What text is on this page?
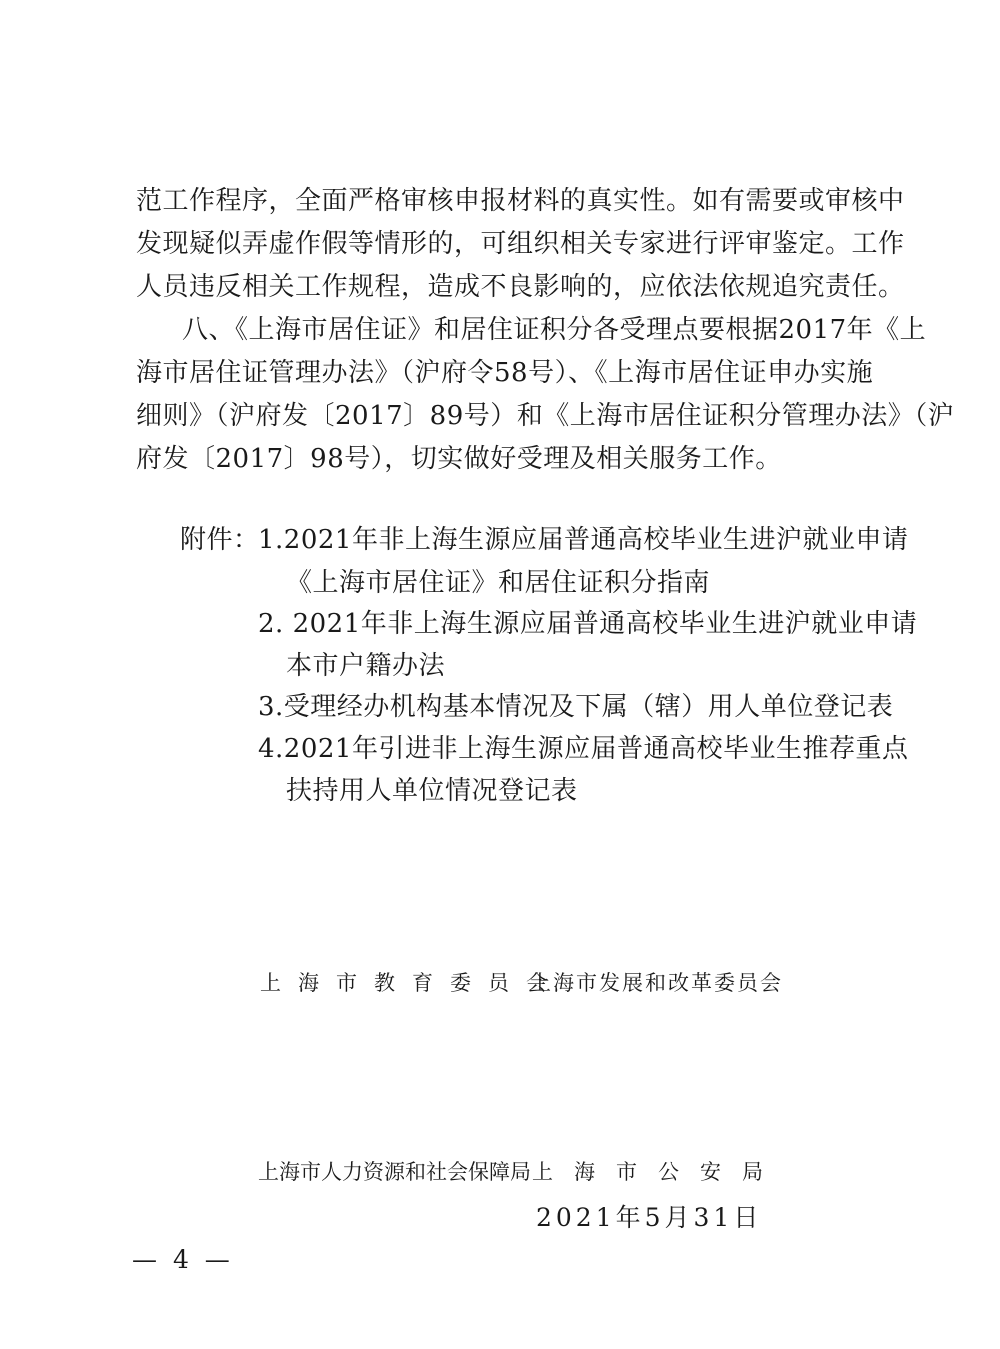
范工作程序，全面严格审核申报材料的真实性。如有需要或审核中
发现疑似弄虚作假等情形的，可组织相关专家进行评审鉴定。工作
人员违反相关工作规程，造成不良影响的，应依法依规追究责任。
八、《上海市居住证》和居住证积分各受理点要根据2017年《上
海市居住证管理办法》（沪府令58号）、《上海市居住证申办实施
细则》（沪府发〔2017〕89号）和《上海市居住证积分管理办法》（沪
府发〔2017〕98号），切实做好受理及相关服务工作。
附件：
1.2021年非上海生源应届普通高校毕业生进沪就业申请
《上海市居住证》和居住证积分指南
2. 2021年非上海生源应届普通高校毕业生进沪就业申请
本市户籍办法
3.受理经办机构基本情况及下属（辖）用人单位登记表
4.2021年引进非上海生源应届普通高校毕业生推荐重点
扶持用人单位情况登记表
上海市教育委员会
上海市发展和改革委员会
上海市人力资源和社会保障局 上海市公安局
2021年5月31日
— 4 —
